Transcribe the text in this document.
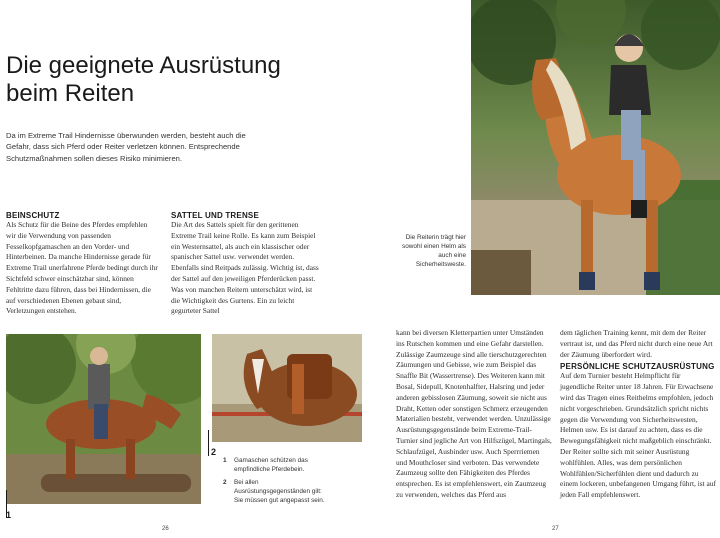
Die geeignete Ausrüstung beim Reiten
Da im Extreme Trail Hindernisse überwunden werden, besteht auch die Gefahr, dass sich Pferd oder Reiter verletzen können. Entsprechende Schutzmaßnahmen sollen dieses Risiko minimieren.
BEINSCHUTZ
Als Schutz für die Beine des Pferdes empfehlen wir die Verwendung von passenden Fesselkopfgamaschen an den Vorder- und Hinterbeinen. Da manche Hindernisse gerade für Extreme Trail unerfahrene Pferde bedingt durch ihr Sichtfeld schwer einschätzbar sind, können Fehltritte dazu führen, dass bei Hindernissen, die auf verschiedenen Ebenen gebaut sind, Verletzungen entstehen.
SATTEL UND TRENSE
Die Art des Sattels spielt für den gerittenen Extreme Trail keine Rolle. Es kann zum Beispiel ein Westernsattel, als auch ein klassischer oder spanischer Sattel usw. verwendet werden. Ebenfalls sind Reitpads zulässig. Wichtig ist, dass der Sattel auf den jeweiligen Pferderücken passt. Was von manchen Reitern unterschätzt wird, ist die Wichtigkeit des Gurtens. Ein zu leicht gegurteter Sattel
Die Reiterin trägt hier sowohl einen Helm als auch eine Sicherheitsweste.
1
2
1 Gamaschen schützen das empfindliche Pferdebein.
2 Bei allen Ausrüstungsgegenständen gilt: Sie müssen gut angepasst sein.
kann bei diversen Kletterpartien unter Umständen ins Rutschen kommen und eine Gefahr darstellen. Zulässige Zaumzeuge sind alle tierschutzgerechten Zäumungen und Gebisse, wie zum Beispiel das Snaffle Bit (Wassertrense). Des Weiteren kann mit Bosal, Sidepull, Knotenhalfter, Halsring und jeder anderen gebisslosen Zäumung, soweit sie nicht aus Draht, Ketten oder sonstigen Schmerz erzeugenden Materialien besteht, verwendet werden. Unzulässige Ausrüstungsgegenstände beim Extreme-Trail-Turnier sind jegliche Art von Hilfszügel, Martingals, Schlaufzügel, Ausbinder usw. Auch Sperrriemen und Mouthcloser sind verboten. Das verwendete Zaumzeug sollte den Fähigkeiten des Pferdes entsprechen. Es ist empfehlenswert, ein Zaumzeug zu verwenden, welches das Pferd aus
dem täglichen Training kennt, mit dem der Reiter vertraut ist, und das Pferd nicht durch eine neue Art der Zäumung überfordert wird.
PERSÖNLICHE SCHUTZAUSRÜSTUNG
Auf dem Turnier besteht Helmpflicht für jugendliche Reiter unter 18 Jahren. Für Erwachsene wird das Tragen eines Reithelms empfohlen, jedoch nicht vorgeschrieben. Grundsätzlich spricht nichts gegen die Verwendung von Sicherheitswesten, Helmen usw. Es ist darauf zu achten, dass es die Bewegungsfähigkeit nicht maßgeblich einschränkt. Der Reiter sollte sich mit seiner Ausrüstung wohlfühlen. Alles, was dem persönlichen Wohlfühlen/Sicherfühlen dient und dadurch zu einem lockeren, unbefangenen Umgang führt, ist auf jeden Fall empfehlenswert.
26	27
